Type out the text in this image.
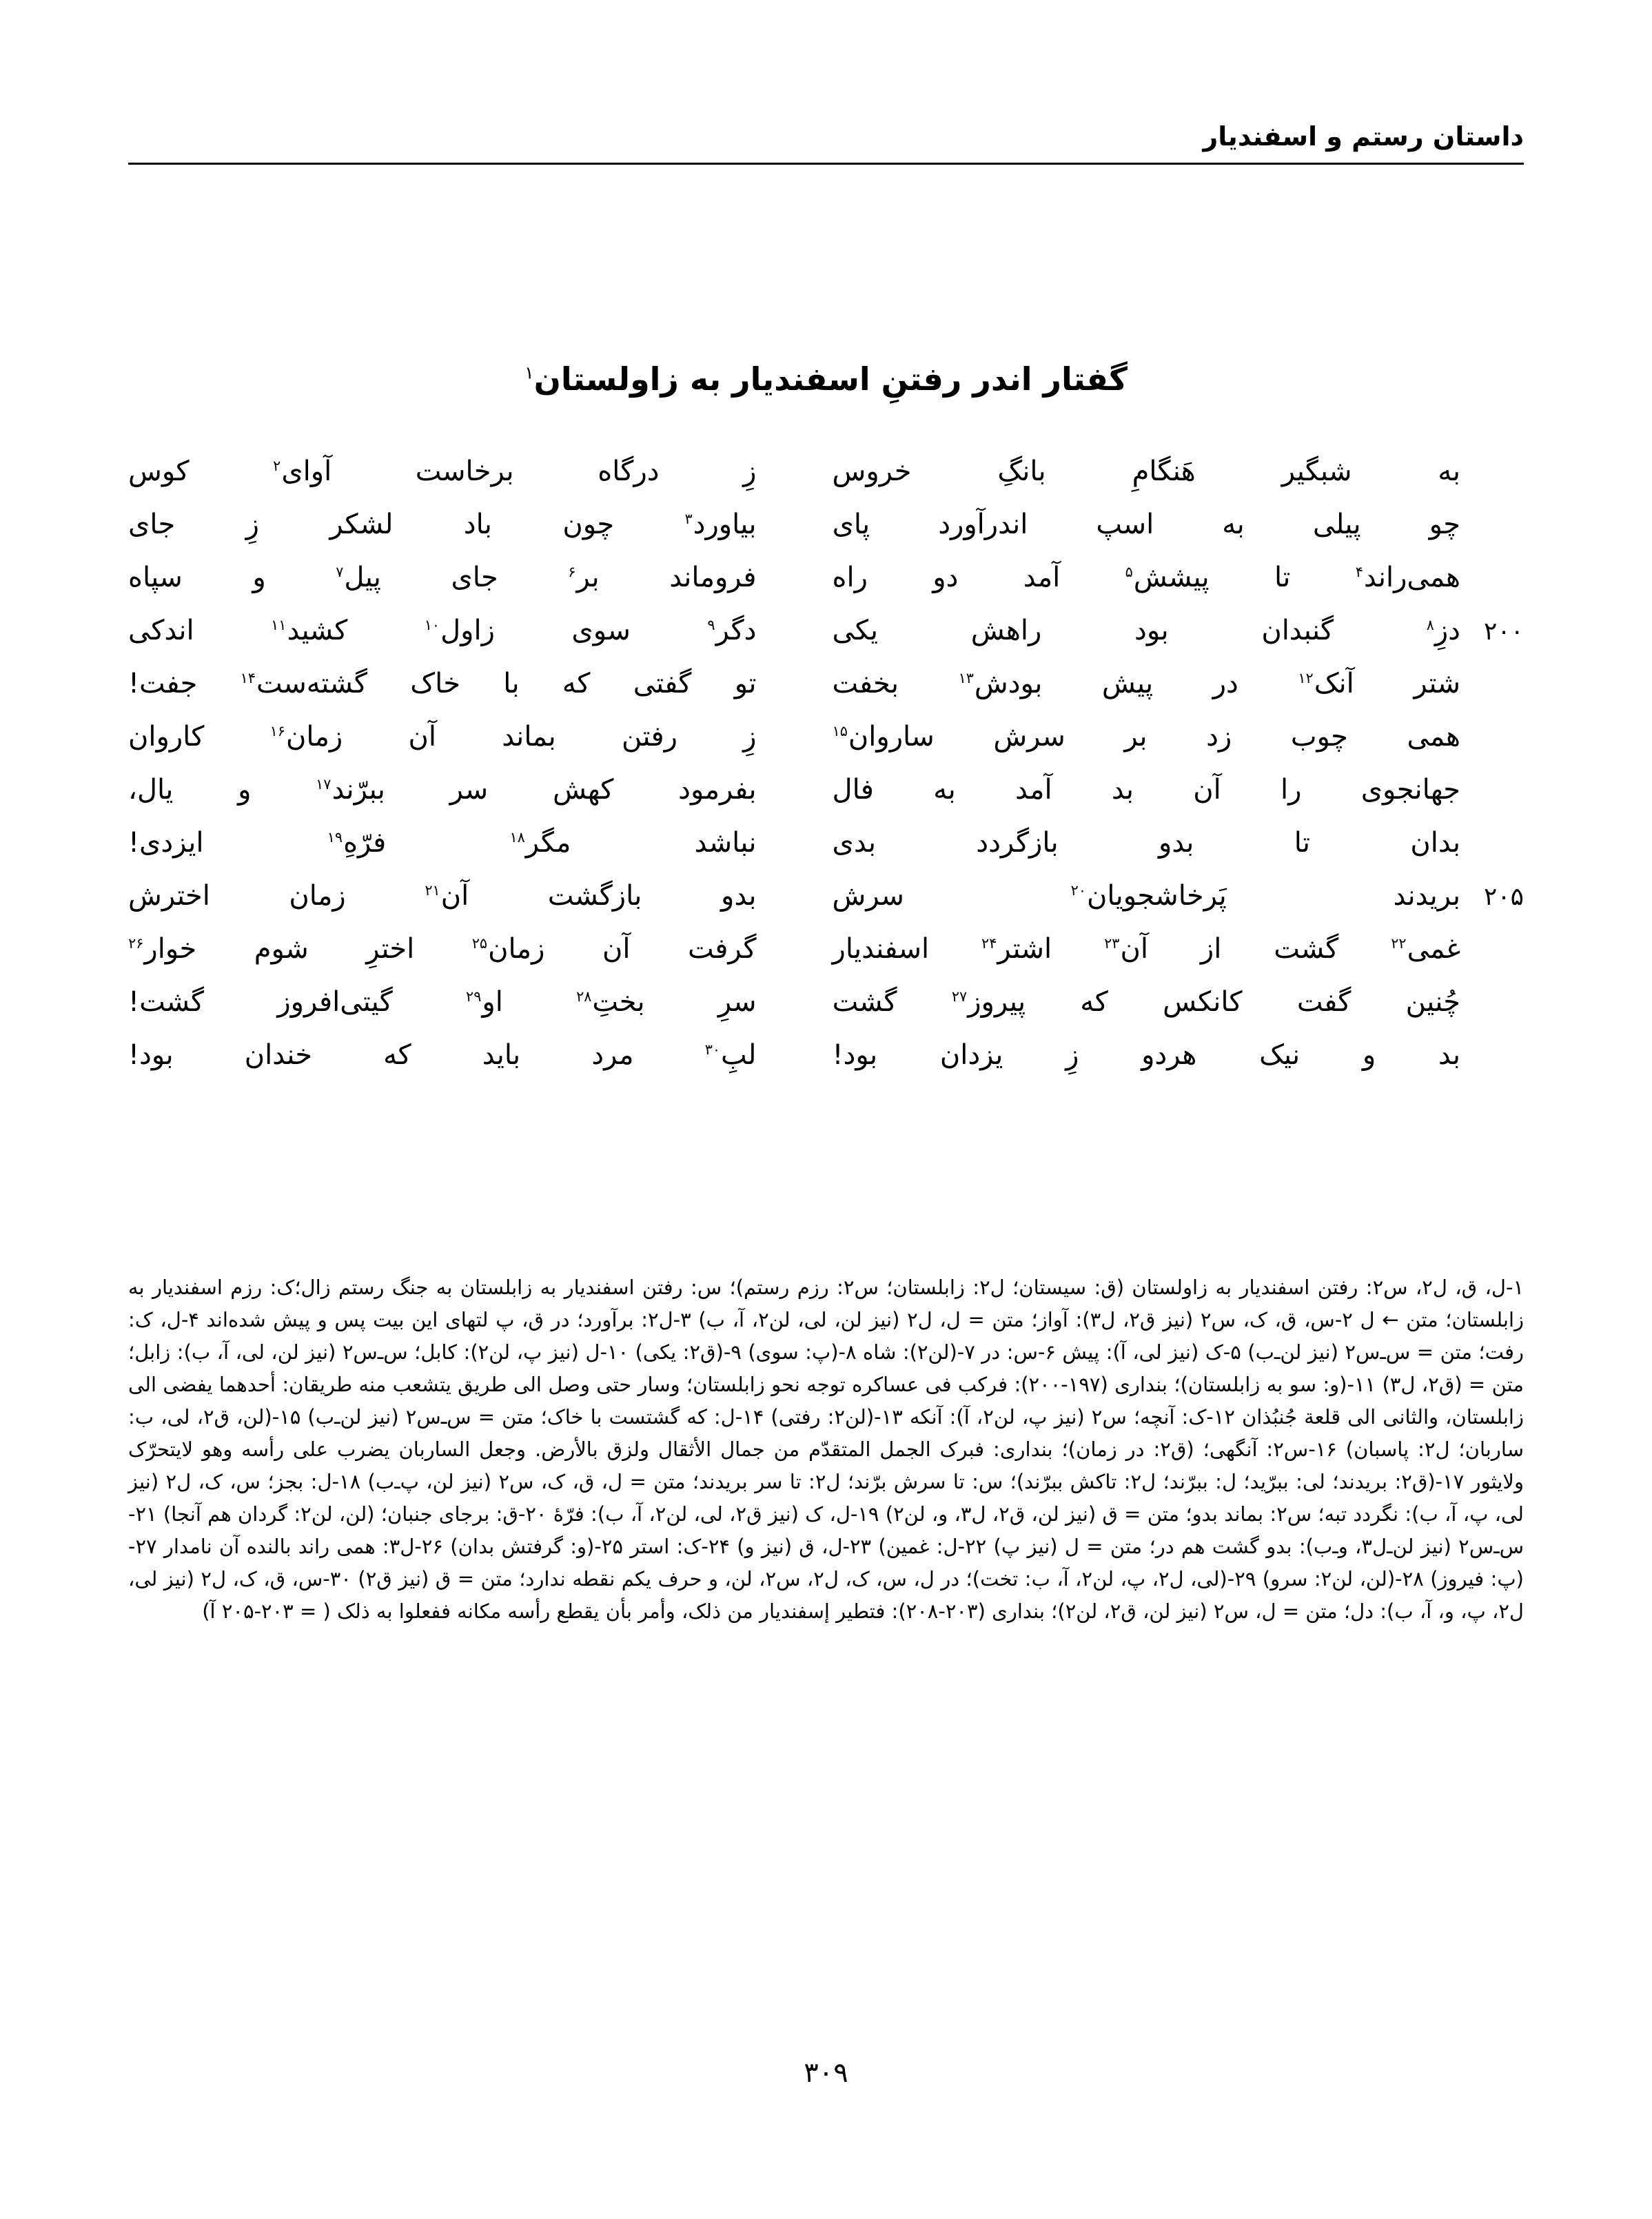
داستان رستم و اسفندیار
گفتار اندر رفتنِ اسفندیار به زاولستان$^۱$
به
شبگیر
هَنگامِ
بانگِ
خروس
زِ
درگاه
برخاست
آوای$^۲$
کوس
چو
پیلی
به
اسپ
اندرآورد
پای
بیاورد$^۳$
چون
باد
لشکر
زِ
جای
همی‌راند$^۴$
تا
پیشش$^۵$
آمد
دو
راه
فروماند
بر$^۶$
جای
پیل$^۷$
و
سپاه
۲۰۰
دزِ$^۸$
گنبدان
بود
راهش
یکی
دگر$^۹$
سوی
زاول$^{۱۰}$
کشید$^{۱۱}$
اندکی
شتر
آنک$^{۱۲}$
در
پیش
بودش$^{۱۳}$
بخفت
تو
گفتی
که
با
خاک
گشته‌ست$^{۱۴}$
جفت!
همی
چوب
زد
بر
سرش
ساروان$^{۱۵}$
زِ
رفتن
بماند
آن
زمان$^{۱۶}$
کاروان
جهانجوی
را
آن
بد
آمد
به
فال
بفرمود
کهش
سر
ببرّند$^{۱۷}$
و
یال،
بدان
تا
بدو
بازگردد
بدی
نباشد
مگر$^{۱۸}$
فرّهِ$^{۱۹}$
ایزدی!
۲۰۵
بریدند
پَرخاشجویان$^{۲۰}$
سرش
بدو
بازگشت
آن$^{۲۱}$
زمان
اخترش
غمی$^{۲۲}$
گشت
از
آن$^{۲۳}$
اشتر$^{۲۴}$
اسفندیار
گرفت
آن
زمان$^{۲۵}$
اخترِ
شوم
خوار$^{۲۶}$
چُنین
گفت
کانکس
که
پیروز$^{۲۷}$
گشت
سرِ
بختِ$^{۲۸}$
او$^{۲۹}$
گیتی‌افروز
گشت!
بد
و
نیک
هردو
زِ
یزدان
بود!
لبِ$^{۳۰}$
مرد
باید
که
خندان
بود!

۱-ل، ق، ل۲، س۲: رفتن اسفندیار به زاولستان (ق: سیستان؛ ل۲: زابلستان؛ س۲: رزم رستم)؛ س: رفتن اسفندیار به زابلستان به جنگ رستم زال؛ک: رزم اسفندیار به زابلستان؛ متن ← ل ۲-س، ق، ک، س۲ (نیز ق۲، ل۳): آواز؛ متن = ل، ل۲ (نیز لن، لی، لن۲، آ، ب) ۳-ل۲: برآورد؛ در ق، پ لتهای این بیت پس و پیش شده‌اند ۴-ل، ک: رفت؛ متن = س‌ـ‌س۲ (نیز لن‌ـ‌ب) ۵-ک (نیز لی، آ): پیش ۶-س: در ۷-(لن۲): شاه ۸-(پ: سوی) ۹-(ق۲: یکی) ۱۰-ل (نیز پ، لن۲): کابل؛ س‌ـ‌س۲ (نیز لن، لی، آ، ب): زابل؛ متن = (ق۲، ل۳) ۱۱-(و: سو به زابلستان)؛ بنداری (۱۹۷-۲۰۰): فرکب فی عساکره توجه نحو زابلستان؛ وسار حتی وصل الی طریق یتشعب منه طریقان: أحدهما یفضی الی زابلستان، والثانی الی قلعة جُنبُذان ۱۲-ک: آنچه؛ س۲ (نیز پ، لن۲، آ): آنکه ۱۳-(لن۲: رفتی) ۱۴-ل: که گشتست با خاک؛ متن = س‌ـ‌س۲ (نیز لن‌ـ‌ب) ۱۵-(لن، ق۲، لی، ب: ساربان؛ ل۲: پاسبان) ۱۶-س۲: آنگهی؛ (ق۲: در زمان)؛ بنداری: فبرک الجمل المتقدّم من جمال الأثقال ولزق بالأرض. وجعل الساربان یضرب علی رأسه وهو لایتحرّک ولایثور ۱۷-(ق۲: بریدند؛ لی: ببرّید؛ ل: ببرّند؛ ل۲: تاکش ببرّند)؛ س: تا سرش برّند؛ ل۲: تا سر بریدند؛ متن = ل، ق، ک، س۲ (نیز لن، پ‌ـ‌ب) ۱۸-ل: بجز؛ س، ک، ل۲ (نیز لی، پ، آ، ب): نگردد تبه؛ س۲: بماند بدو؛ متن = ق (نیز لن، ق۲، ل۳، و، لن۲) ۱۹-ل، ک (نیز ق۲، لی، لن۲، آ، ب): فرّهٔ ۲۰-ق: برجای جنبان؛ (لن، لن۲: گردان هم آنجا) ۲۱-س‌ـ‌س۲ (نیز لن‌ـ‌ل۳، و‌ـ‌ب): بدو گشت هم در؛ متن = ل (نیز پ) ۲۲-ل: غمین) ۲۳-ل، ق (نیز و) ۲۴-ک: استر ۲۵-(و: گرفتش بدان) ۲۶-ل۳: همی راند بالنده آن نامدار ۲۷-(پ: فیروز) ۲۸-(لن، لن۲: سرو) ۲۹-(لی، ل۲، پ، لن۲، آ، ب: تخت)؛ در ل، س، ک، ل۲، س۲، لن، و حرف یکم نقطه ندارد؛ متن = ق (نیز ق۲) ۳۰-س، ق، ک، ل۲ (نیز لی، ل۲، پ، و، آ، ب): دل؛ متن = ل، س۲ (نیز لن، ق۲، لن۲)؛ بنداری (۲۰۳-۲۰۸): فتطیر إسفندیار من ذلک، وأمر بأن یقطع رأسه مکانه ففعلوا به ذلک ( = ۲۰۳-۲۰۵ آ)

۳۰۹
